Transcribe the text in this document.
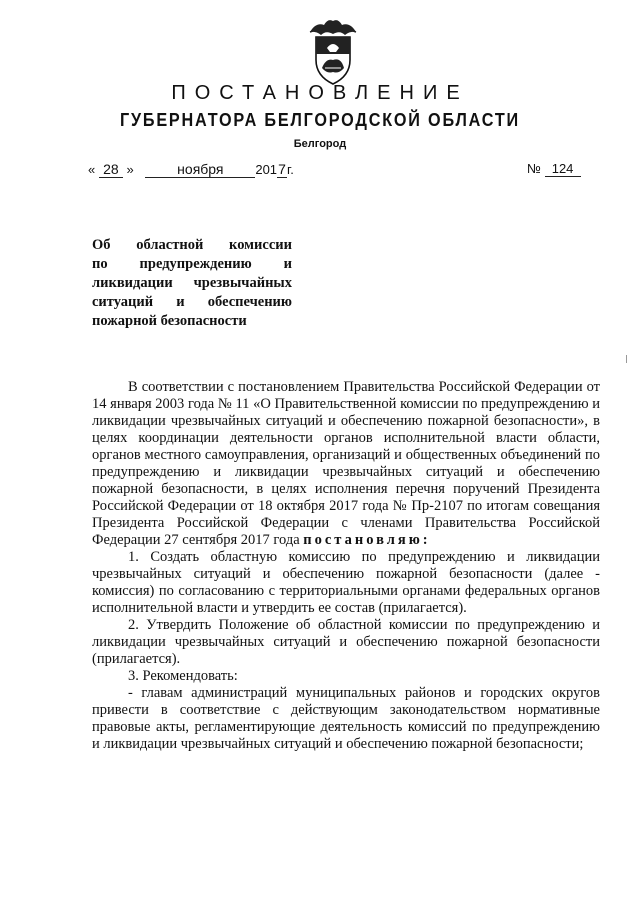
ПОСТАНОВЛЕНИЕ
ГУБЕРНАТОРА БЕЛГОРОДСКОЙ ОБЛАСТИ
Белгород
« 28 »	ноября 2017г.	№ 124
Об областной комиссии
по предупреждению и
ликвидации чрезвычайных
ситуаций и обеспечению
пожарной безопасности

В соответствии с постановлением Правительства Российской Федерации от 14 января 2003 года № 11 «О Правительственной комиссии по предупреждению и ликвидации чрезвычайных ситуаций и обеспечению пожарной безопасности», в целях координации деятельности органов исполнительной власти области, органов местного самоуправления, организаций и общественных объединений по предупреждению и ликвидации чрезвычайных ситуаций и обеспечению пожарной безопасности, в целях исполнения перечня поручений Президента Российской Федерации от 18 октября 2017 года № Пр-2107 по итогам совещания Президента Российской Федерации с членами Правительства Российской Федерации 27 сентября 2017 года постановляю:

1. Создать областную комиссию по предупреждению и ликвидации чрезвычайных ситуаций и обеспечению пожарной безопасности (далее - комиссия) по согласованию с территориальными органами федеральных органов исполнительной власти и утвердить ее состав (прилагается).

2. Утвердить Положение об областной комиссии по предупреждению и ликвидации чрезвычайных ситуаций и обеспечению пожарной безопасности (прилагается).

3. Рекомендовать:

- главам администраций муниципальных районов и городских округов привести в соответствие с действующим законодательством нормативные правовые акты, регламентирующие деятельность комиссий по предупреждению и ликвидации чрезвычайных ситуаций и обеспечению пожарной безопасности;
